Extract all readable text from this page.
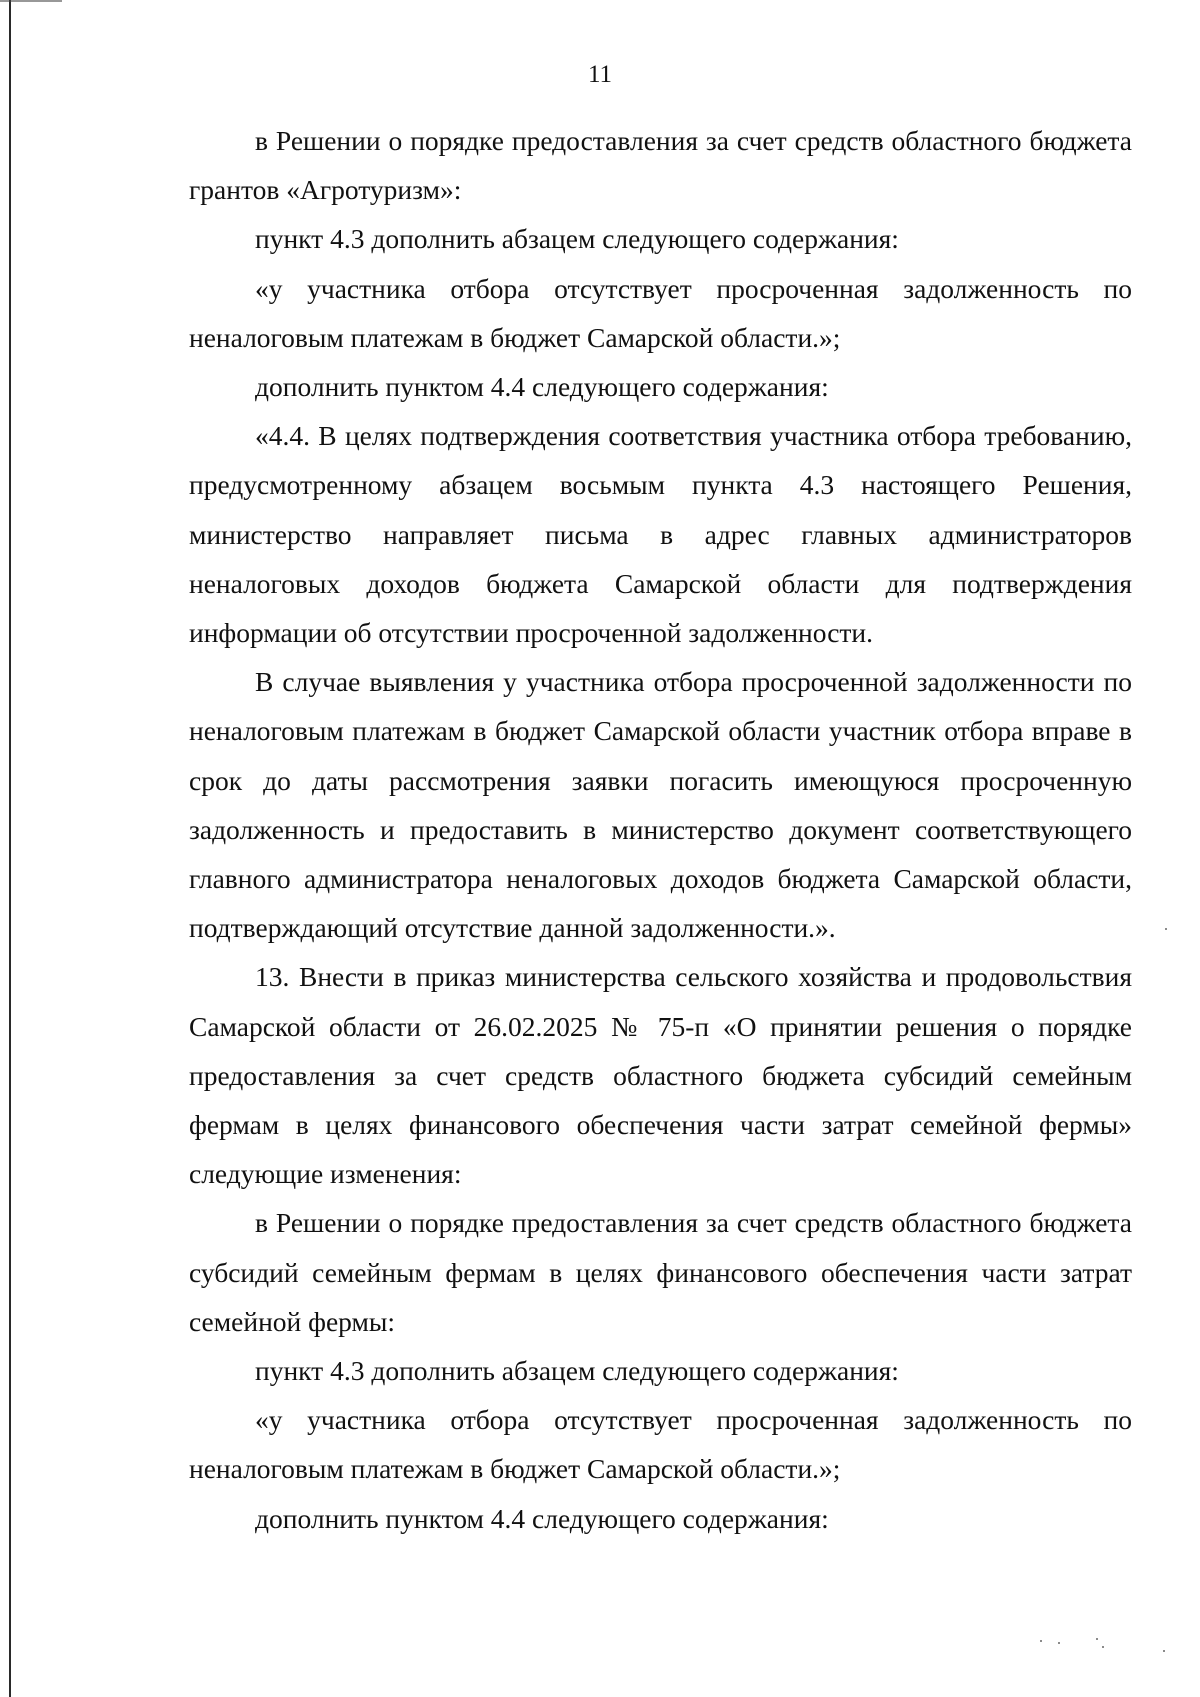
11

в Решении о порядке предоставления за счет средств областного бюджета грантов «Агротуризм»:

пункт 4.3 дополнить абзацем следующего содержания:

«у участника отбора отсутствует просроченная задолженность по неналоговым платежам в бюджет Самарской области.»;

дополнить пунктом 4.4 следующего содержания:

«4.4. В целях подтверждения соответствия участника отбора требованию, предусмотренному абзацем восьмым пункта 4.3 настоящего Решения, министерство направляет письма в адрес главных администраторов неналоговых доходов бюджета Самарской области для подтверждения информации об отсутствии просроченной задолженности.

В случае выявления у участника отбора просроченной задолженности по неналоговым платежам в бюджет Самарской области участник отбора вправе в срок до даты рассмотрения заявки погасить имеющуюся просроченную задолженность и предоставить в министерство документ соответствующего главного администратора неналоговых доходов бюджета Самарской области, подтверждающий отсутствие данной задолженности.».

13. Внести в приказ министерства сельского хозяйства и продовольствия Самарской области от 26.02.2025 № 75-п «О принятии решения о порядке предоставления за счет средств областного бюджета субсидий семейным фермам в целях финансового обеспечения части затрат семейной фермы» следующие изменения:

в Решении о порядке предоставления за счет средств областного бюджета субсидий семейным фермам в целях финансового обеспечения части затрат семейной фермы:

пункт 4.3 дополнить абзацем следующего содержания:

«у участника отбора отсутствует просроченная задолженность по неналоговым платежам в бюджет Самарской области.»;

дополнить пунктом 4.4 следующего содержания:
